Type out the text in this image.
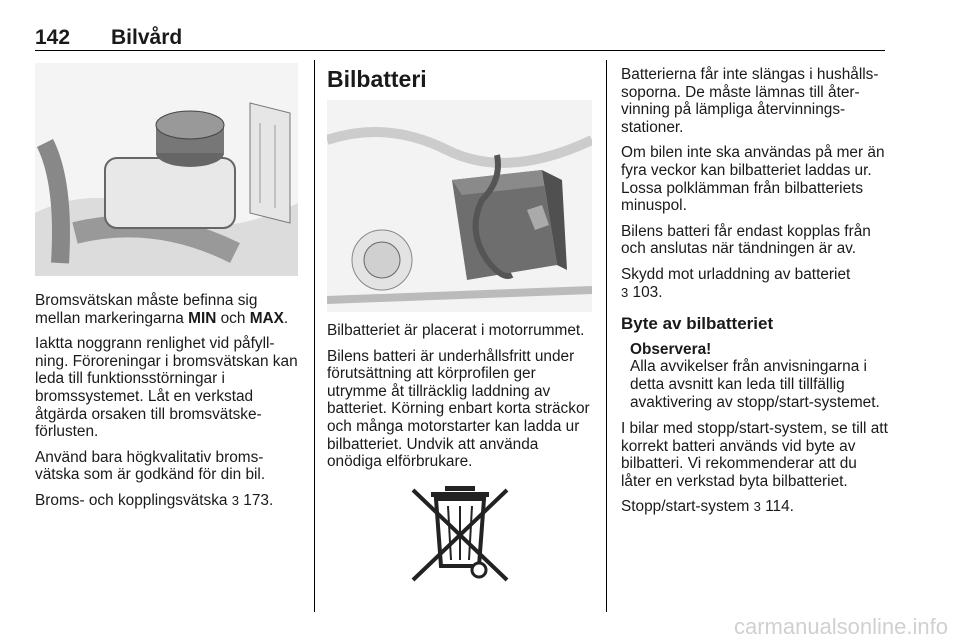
142 Bilvård

Bromsvätskan måste befinna sig mellan markeringarna MIN och MAX.

Iaktta noggrann renlighet vid påfyll-ning. Föroreningar i bromsvätskan kan leda till funktionsstörningar i bromssystemet. Låt en verkstad åtgärda orsaken till bromsvätske-förlusten.

Använd bara högkvalitativ broms-vätska som är godkänd för din bil.

Broms- och kopplingsvätska 3 173.

Bilbatteri

Bilbatteriet är placerat i motorrummet.

Bilens batteri är underhållsfritt under förutsättning att körprofilen ger utrymme åt tillräcklig laddning av batteriet. Körning enbart korta sträckor och många motorstarter kan ladda ur bilbatteriet. Undvik att använda onödiga elförbrukare.

Batterierna får inte slängas i hushålls-soporna. De måste lämnas till åter-vinning på lämpliga återvinnings-stationer.

Om bilen inte ska användas på mer än fyra veckor kan bilbatteriet laddas ur. Lossa polklämman från bilbatteriets minuspol.

Bilens batteri får endast kopplas från och anslutas när tändningen är av.

Skydd mot urladdning av batteriet
3 103.

Byte av bilbatteriet

Observera!
Alla avvikelser från anvisningarna i detta avsnitt kan leda till tillfällig avaktivering av stopp/start-systemet.

I bilar med stopp/start-system, se till att korrekt batteri används vid byte av bilbatteri. Vi rekommenderar att du låter en verkstad byta bilbatteriet.

Stopp/start-system 3 114.

carmanualsonline.info
